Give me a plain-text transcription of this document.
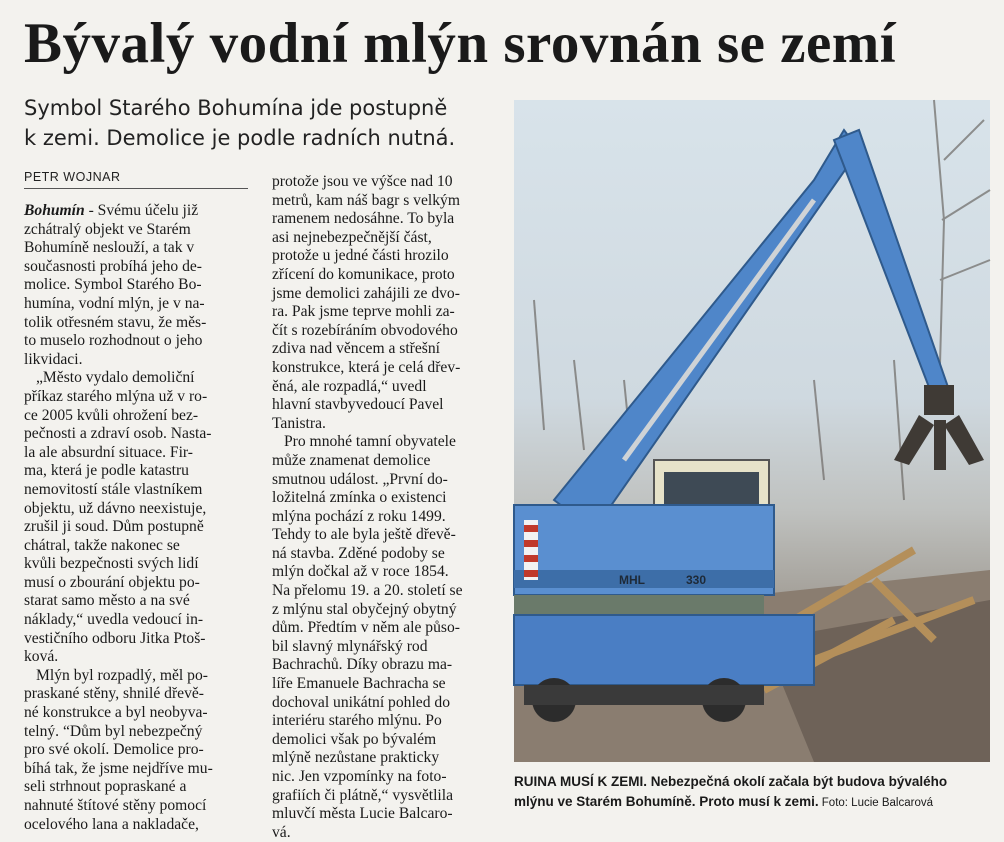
Bývalý vodní mlýn srovnán se zemí
Symbol Starého Bohumína jde postupně
k zemi. Demolice je podle radních nutná.
PETR WOJNAR
Bohumín - Svému účelu již
zchátralý objekt ve Starém
Bohumíně neslouží, a tak v
současnosti probíhá jeho de-
molice. Symbol Starého Bo-
humína, vodní mlýn, je v na-
tolik otřesném stavu, že měs-
to muselo rozhodnout o jeho
likvidaci.
„Město vydalo demoliční
příkaz starého mlýna už v ro-
ce 2005 kvůli ohrožení bez-
pečnosti a zdraví osob. Nasta-
la ale absurdní situace. Fir-
ma, která je podle katastru
nemovitostí stále vlastníkem
objektu, už dávno neexistuje,
zrušil ji soud. Dům postupně
chátral, takže nakonec se
kvůli bezpečnosti svých lidí
musí o zbourání objektu po-
starat samo město a na své
náklady,“ uvedla vedoucí in-
vestičního odboru Jitka Ptoš-
ková.
Mlýn byl rozpadlý, měl po-
praskané stěny, shnilé dřevě-
né konstrukce a byl neobyva-
telný. “Dům byl nebezpečný
pro své okolí. Demolice pro-
bíhá tak, že jsme nejdříve mu-
seli strhnout popraskané a
nahnuté štítové stěny pomocí
ocelového lana a nakladače,
protože jsou ve výšce nad 10
metrů, kam náš bagr s velkým
ramenem nedosáhne. To byla
asi nejnebezpečnější část,
protože u jedné části hrozilo
zřícení do komunikace, proto
jsme demolici zahájili ze dvo-
ra. Pak jsme teprve mohli za-
čít s rozebíráním obvodového
zdiva nad věncem a střešní
konstrukce, která je celá dřev-
ěná, ale rozpadlá,“ uvedl
hlavní stavbyvedoucí Pavel
Tanistra.
Pro mnohé tamní obyvatele
může znamenat demolice
smutnou událost. „První do-
ložitelná zmínka o existenci
mlýna pochází z roku 1499.
Tehdy to ale byla ještě dřevě-
ná stavba. Zděné podoby se
mlýn dočkal až v roce 1854.
Na přelomu 19. a 20. století se
z mlýnu stal obyčejný obytný
dům. Předtím v něm ale půso-
bil slavný mlynářský rod
Bachrachů. Díky obrazu ma-
líře Emanuele Bachracha se
dochoval unikátní pohled do
interiéru starého mlýnu. Po
demolici však po bývalém
mlýně nezůstane prakticky
nic. Jen vzpomínky na foto-
grafiích či plátně,“ vysvětlila
mluvčí města Lucie Balcaro-
vá.
MHL	330
RUINA MUSÍ K ZEMI. Nebezpečná okolí začala být budova bývalého
mlýnu ve Starém Bohumíně. Proto musí k zemi. Foto: Lucie Balcarová
